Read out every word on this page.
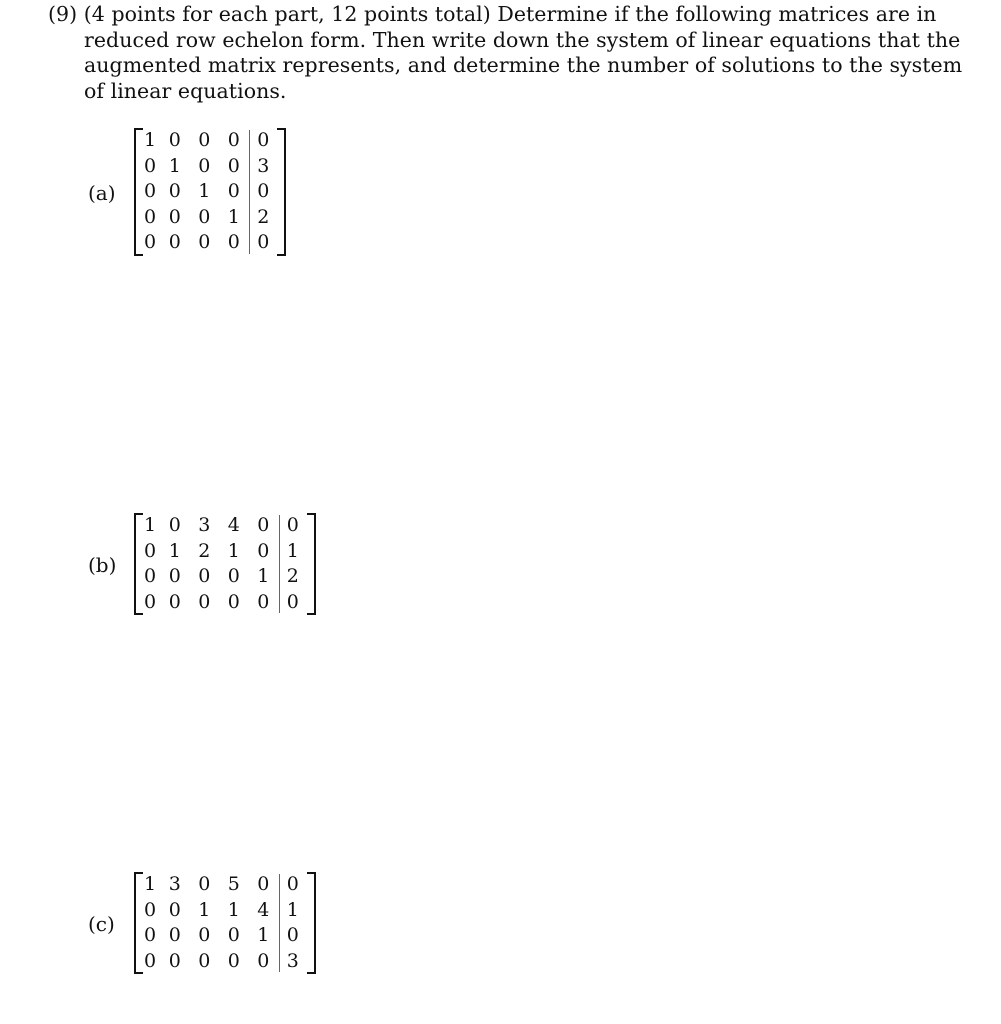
(9) (4 points for each part, 12 points total) Determine if the following matrices are in
reduced row echelon form. Then write down the system of linear equations that the
augmented matrix represents, and determine the number of solutions to the system
of linear equations.
(a)
1 0 0 0 0
0 1 0 0 3
0 0 1 0 0
0 0 0 1 2
0 0 0 0 0
(b)
1 0 3 4 0 0
0 1 2 1 0 1
0 0 0 0 1 2
0 0 0 0 0 0
(c)
1 3 0 5 0 0
0 0 1 1 4 1
0 0 0 0 1 0
0 0 0 0 0 3
